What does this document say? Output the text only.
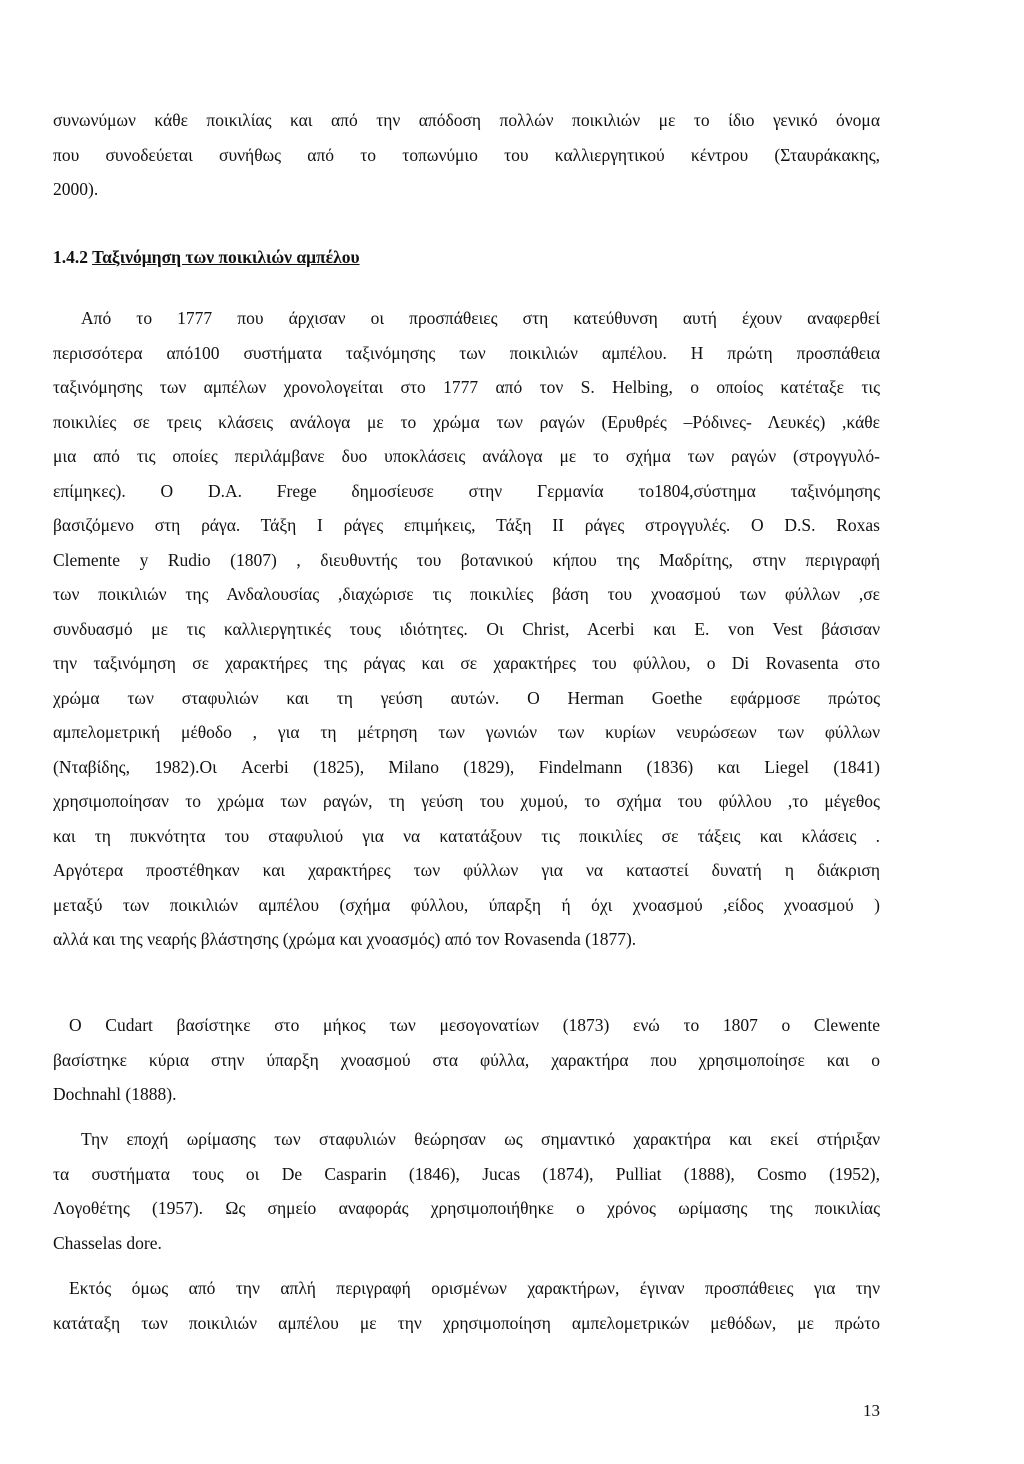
συνωνύμων κάθε ποικιλίας και από την απόδοση πολλών ποικιλιών με το ίδιο γενικό όνομα
που συνοδεύεται συνήθως από το τοπωνύμιο του καλλιεργητικού κέντρου (Σταυράκακης,
2000).

1.4.2 Ταξινόμηση των ποικιλιών αμπέλου

Από το 1777 που άρχισαν οι προσπάθειες στη κατεύθυνση αυτή έχουν αναφερθεί
περισσότερα από100 συστήματα ταξινόμησης των ποικιλιών αμπέλου. Η πρώτη προσπάθεια
ταξινόμησης των αμπέλων χρονολογείται στο 1777 από τον S. Helbing, ο οποίος κατέταξε τις
ποικιλίες σε τρεις κλάσεις ανάλογα με το χρώμα των ραγών (Ερυθρές –Ρόδινες- Λευκές) ,κάθε
μια από τις οποίες περιλάμβανε δυο υποκλάσεις ανάλογα με το σχήμα των ραγών (στρογγυλό-
επίμηκες). Ο D.A. Frege δημοσίευσε στην Γερμανία το1804,σύστημα ταξινόμησης
βασιζόμενο στη ράγα. Τάξη I ράγες επιμήκεις, Τάξη II ράγες στρογγυλές. Ο D.S. Roxas
Clemente y Rudio (1807) , διευθυντής του βοτανικού κήπου της Μαδρίτης, στην περιγραφή
των ποικιλιών της Ανδαλουσίας ,διαχώρισε τις ποικιλίες βάση του χνοασμού των φύλλων ,σε
συνδυασμό με τις καλλιεργητικές τους ιδιότητες. Οι Christ, Acerbi και E. von Vest βάσισαν
την ταξινόμηση σε χαρακτήρες της ράγας και σε χαρακτήρες του φύλλου, ο Di Rovasenta στο
χρώμα των σταφυλιών και τη γεύση αυτών. Ο Herman Goethe εφάρμοσε πρώτος
αμπελομετρική μέθοδο , για τη μέτρηση των γωνιών των κυρίων νευρώσεων των φύλλων
(Νταβίδης, 1982).Οι Acerbi (1825), Milano (1829), Findelmann (1836) και Liegel (1841)
χρησιμοποίησαν το χρώμα των ραγών, τη γεύση του χυμού, το σχήμα του φύλλου ,το μέγεθος
και τη πυκνότητα του σταφυλιού για να κατατάξουν τις ποικιλίες σε τάξεις και κλάσεις .
Αργότερα προστέθηκαν και χαρακτήρες των φύλλων για να καταστεί δυνατή η διάκριση
μεταξύ των ποικιλιών αμπέλου (σχήμα φύλλου, ύπαρξη ή όχι χνοασμού ,είδος χνοασμού )
αλλά και της νεαρής βλάστησης (χρώμα και χνοασμός) από τον Rovasenda (1877).

Ο Cudart βασίστηκε στο μήκος των μεσογονατίων (1873) ενώ το 1807 ο Clewente
βασίστηκε κύρια στην ύπαρξη χνοασμού στα φύλλα, χαρακτήρα που χρησιμοποίησε και ο
Dochnahl (1888).

Την εποχή ωρίμασης των σταφυλιών θεώρησαν ως σημαντικό χαρακτήρα και εκεί στήριξαν
τα συστήματα τους οι De Casparin (1846), Jucas (1874), Pulliat (1888), Cosmo (1952),
Λογοθέτης (1957). Ως σημείο αναφοράς χρησιμοποιήθηκε ο χρόνος ωρίμασης της ποικιλίας
Chasselas dore.

Εκτός όμως από την απλή περιγραφή ορισμένων χαρακτήρων, έγιναν προσπάθειες για την
κατάταξη των ποικιλιών αμπέλου με την χρησιμοποίηση αμπελομετρικών μεθόδων, με πρώτο

13
